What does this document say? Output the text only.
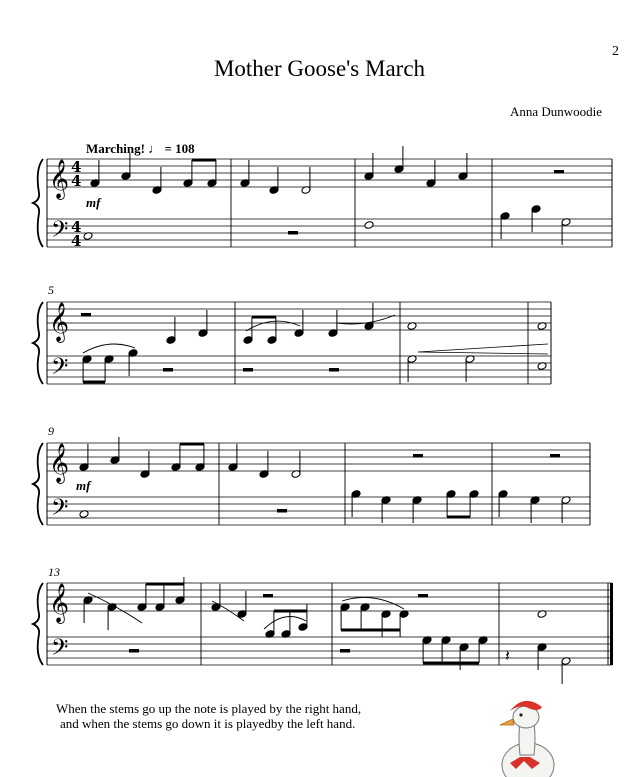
2
Mother Goose's March
Anna Dunwoodie
Marching! ♩ = 108
5
9
13
mf
mf
𝄞
𝄢
4
4
4
4
𝄞
𝄢
𝄞
𝄢
𝄞
𝄢	𝄽
When the stems go up the note is played by the right hand,
and when the stems go down it is playedby the left hand.
